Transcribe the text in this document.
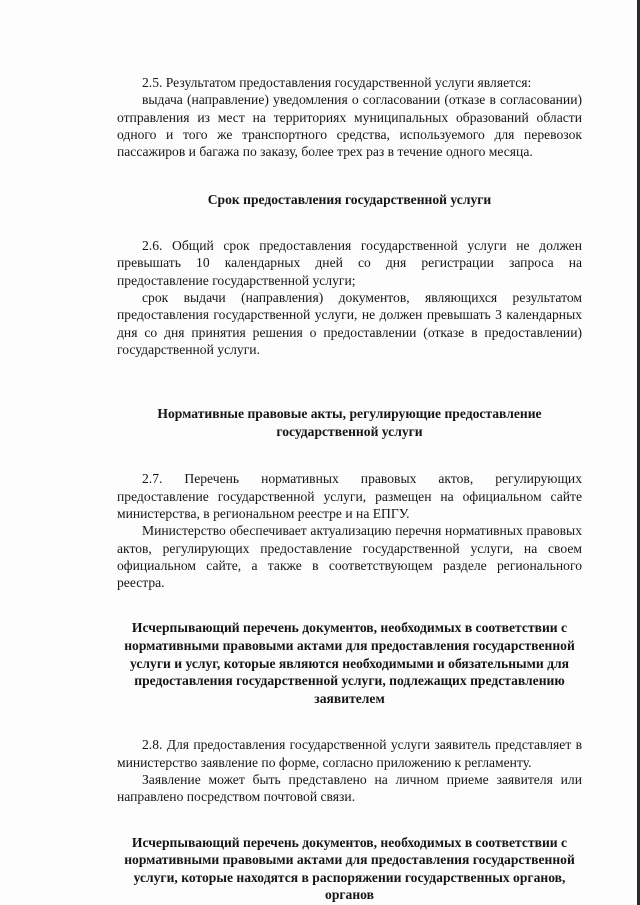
2.5. Результатом предоставления государственной услуги является:

выдача (направление) уведомления о согласовании (отказе в согласовании) отправления из мест на территориях муниципальных образований области одного и того же транспортного средства, используемого для перевозок пассажиров и багажа по заказу, более трех раз в течение одного месяца.

Срок предоставления государственной услуги

2.6. Общий срок предоставления государственной услуги не должен превышать 10 календарных дней со дня регистрации запроса на предоставление государственной услуги;

срок выдачи (направления) документов, являющихся результатом предоставления государственной услуги, не должен превышать 3 календарных дня со дня принятия решения о предоставлении (отказе в предоставлении) государственной услуги.

Нормативные правовые акты, регулирующие предоставление государственной услуги

2.7. Перечень нормативных правовых актов, регулирующих предоставление государственной услуги, размещен на официальном сайте министерства, в региональном реестре и на ЕПГУ.

Министерство обеспечивает актуализацию перечня нормативных правовых актов, регулирующих предоставление государственной услуги, на своем официальном сайте, а также в соответствующем разделе регионального реестра.

Исчерпывающий перечень документов, необходимых в соответствии с нормативными правовыми актами для предоставления государственной услуги и услуг, которые являются необходимыми и обязательными для предоставления государственной услуги, подлежащих представлению заявителем

2.8. Для предоставления государственной услуги заявитель представляет в министерство заявление по форме, согласно приложению к регламенту.

Заявление может быть представлено на личном приеме заявителя или направлено посредством почтовой связи.

Исчерпывающий перечень документов, необходимых в соответствии с нормативными правовыми актами для предоставления государственной услуги, которые находятся в распоряжении государственных органов, органов
